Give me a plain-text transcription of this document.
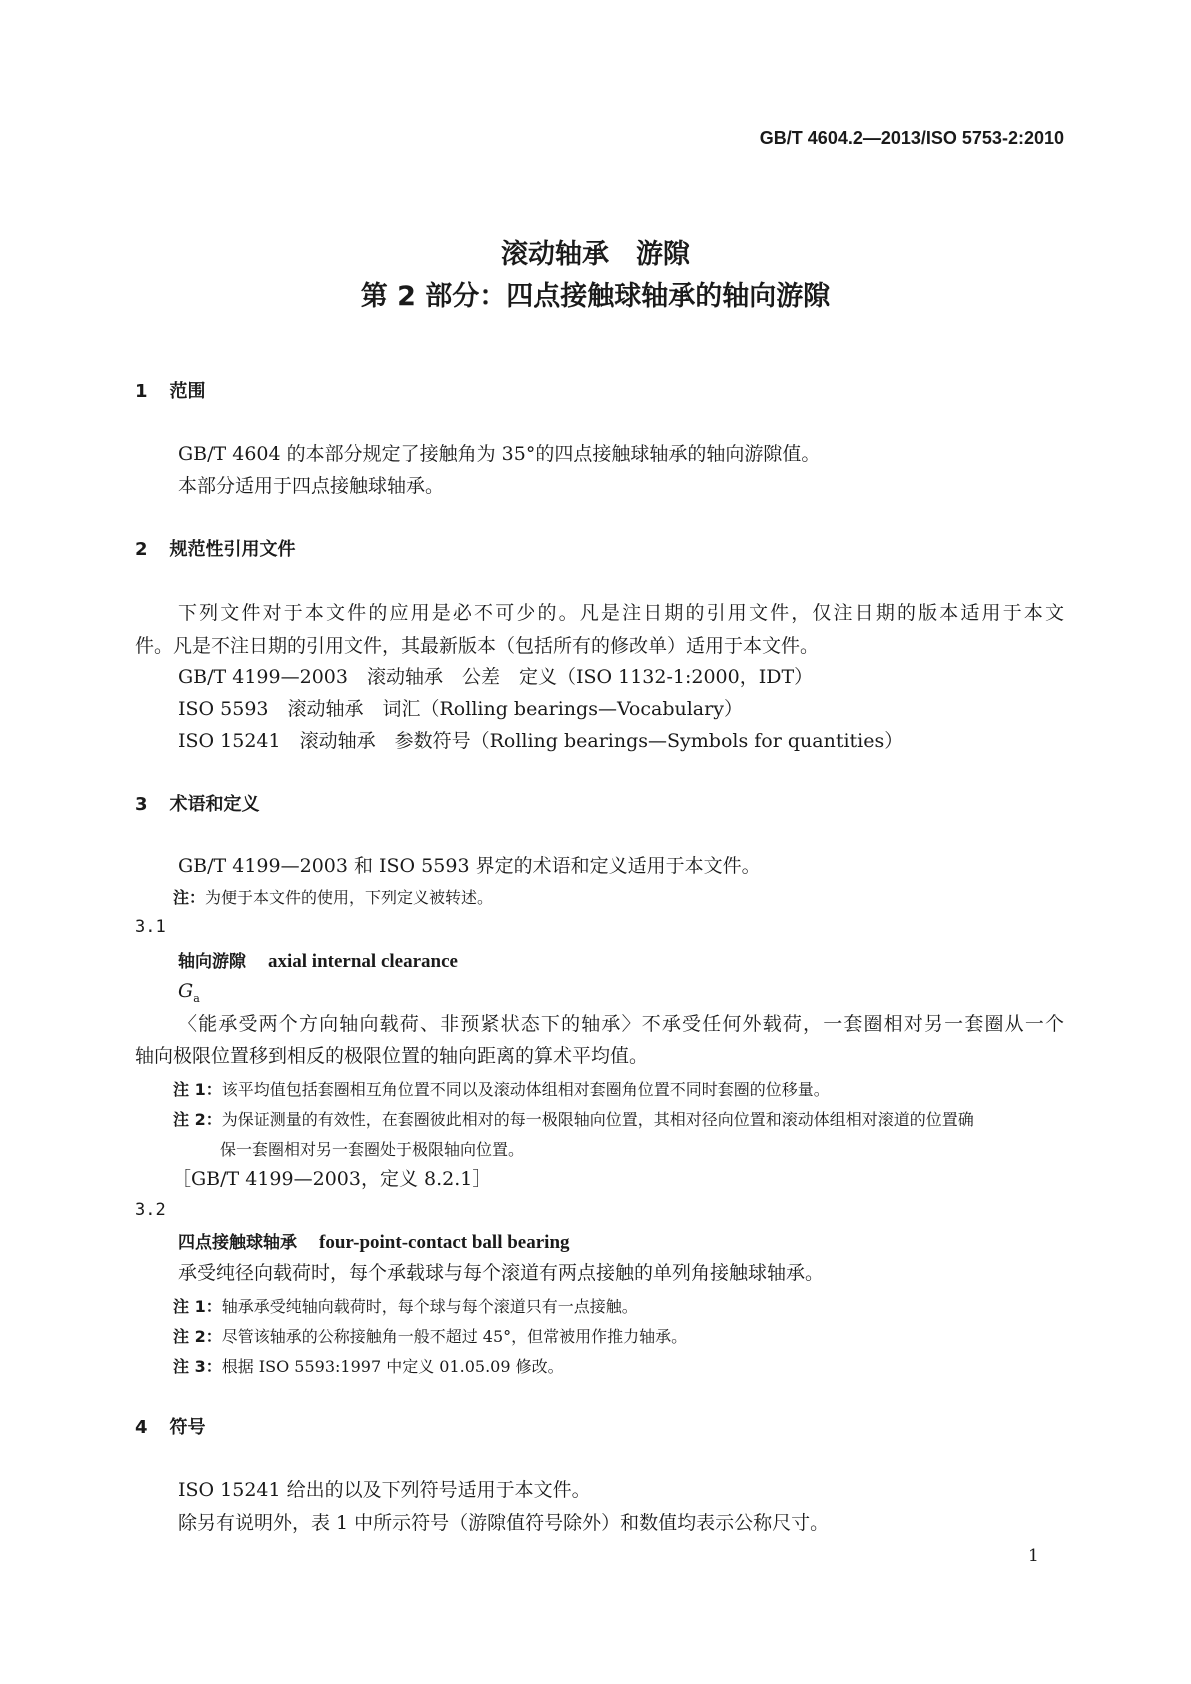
GB/T 4604.2—2013/ISO 5753-2:2010
滚动轴承　游隙
第 2 部分：四点接触球轴承的轴向游隙
1 范围
GB/T 4604 的本部分规定了接触角为 35°的四点接触球轴承的轴向游隙值。
本部分适用于四点接触球轴承。
2 规范性引用文件
下列文件对于本文件的应用是必不可少的。凡是注日期的引用文件，仅注日期的版本适用于本文
件。凡是不注日期的引用文件，其最新版本（包括所有的修改单）适用于本文件。
GB/T 4199—2003　滚动轴承　公差　定义（ISO 1132-1:2000，IDT）
ISO 5593　滚动轴承　词汇（Rolling bearings—Vocabulary）
ISO 15241　滚动轴承　参数符号（Rolling bearings—Symbols for quantities）
3 术语和定义
GB/T 4199—2003 和 ISO 5593 界定的术语和定义适用于本文件。
注：为便于本文件的使用，下列定义被转述。
3.1
轴向游隙 axial internal clearance
$G_a$
〈能承受两个方向轴向载荷、非预紧状态下的轴承〉不承受任何外载荷，一套圈相对另一套圈从一个
轴向极限位置移到相反的极限位置的轴向距离的算术平均值。
注 1：该平均值包括套圈相互角位置不同以及滚动体组相对套圈角位置不同时套圈的位移量。
注 2：为保证测量的有效性，在套圈彼此相对的每一极限轴向位置，其相对径向位置和滚动体组相对滚道的位置确
保一套圈相对另一套圈处于极限轴向位置。
［GB/T 4199—2003，定义 8.2.1］
3.2
四点接触球轴承 four-point-contact ball bearing
承受纯径向载荷时，每个承载球与每个滚道有两点接触的单列角接触球轴承。
注 1：轴承承受纯轴向载荷时，每个球与每个滚道只有一点接触。
注 2：尽管该轴承的公称接触角一般不超过 45°，但常被用作推力轴承。
注 3：根据 ISO 5593:1997 中定义 01.05.09 修改。
4 符号
ISO 15241 给出的以及下列符号适用于本文件。
除另有说明外，表 1 中所示符号（游隙值符号除外）和数值均表示公称尺寸。
1
